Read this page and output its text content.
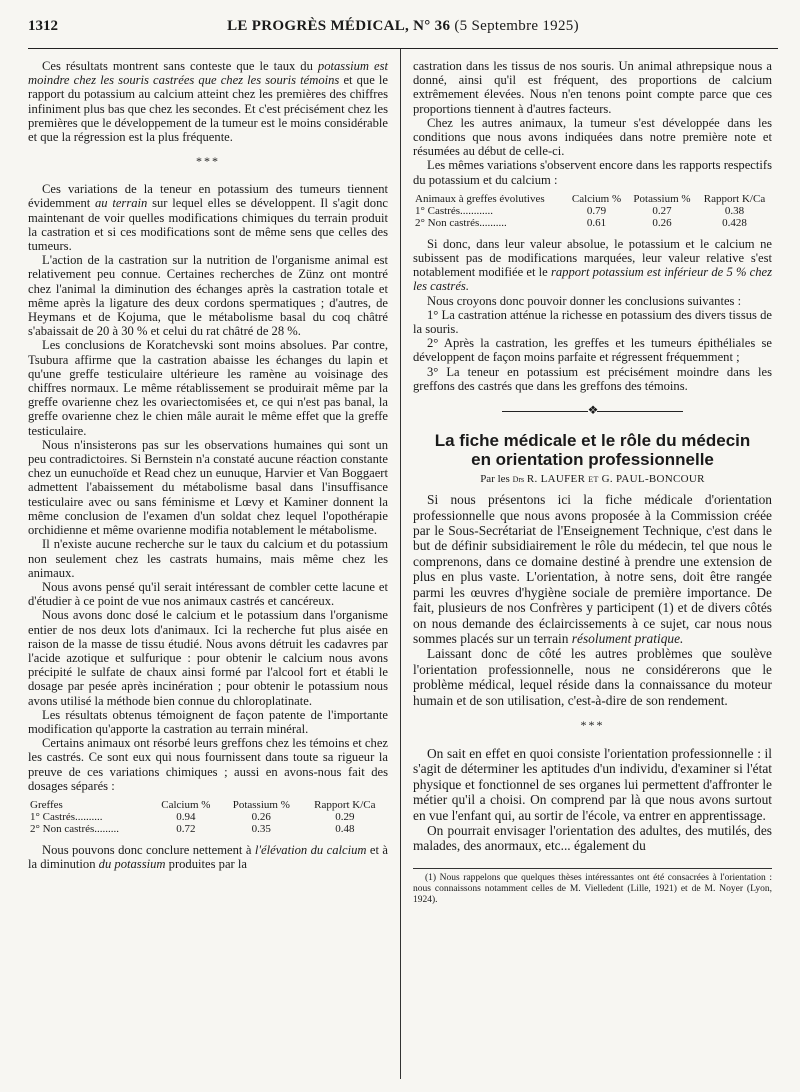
1312	LE PROGRÈS MÉDICAL, N° 36 (5 Septembre 1925)

Ces résultats montrent sans conteste que le taux du potassium est moindre chez les souris castrées que chez les souris témoins et que le rapport du potassium au calcium atteint chez les premières des chiffres infiniment plus bas que chez les secondes. Et c'est précisément chez les premières que le développement de la tumeur est le moins considérable et que la régression est la plus fréquente.

***

Ces variations de la teneur en potassium des tumeurs tiennent évidemment au terrain sur lequel elles se développent. Il s'agit donc maintenant de voir quelles modifications chimiques du terrain produit la castration et si ces modifications sont de même sens que celles des tumeurs.

L'action de la castration sur la nutrition de l'organisme animal est relativement peu connue. Certaines recherches de Zünz ont montré chez l'animal la diminution des échanges après la castration totale et même après la ligature des deux cordons spermatiques ; d'autres, de Heymans et de Kojuma, que le métabolisme basal du coq châtré s'abaissait de 20 à 30 % et celui du rat châtré de 28 %.

Les conclusions de Koratchevski sont moins absolues. Par contre, Tsubura affirme que la castration abaisse les échanges du lapin et qu'une greffe testiculaire ultérieure les ramène au voisinage des chiffres normaux. Le même rétablissement se produirait même par la greffe ovarienne chez les ovariectomisées et, ce qui n'est pas banal, la greffe ovarienne chez le chien mâle aurait le même effet que la greffe testiculaire.

Nous n'insisterons pas sur les observations humaines qui sont un peu contradictoires. Si Bernstein n'a constaté aucune réaction constante chez un eunuchoïde et Read chez un eunuque, Harvier et Van Boggaert admettent l'abaissement du métabolisme basal dans l'insuffisance testiculaire avec ou sans féminisme et Lœvy et Kaminer donnent la même conclusion de l'examen d'un soldat chez lequel l'opothérapie orchidienne et même ovarienne modifia notablement le métabolisme.

Il n'existe aucune recherche sur le taux du calcium et du potassium non seulement chez les castrats humains, mais même chez les animaux.

Nous avons pensé qu'il serait intéressant de combler cette lacune et d'étudier à ce point de vue nos animaux castrés et cancéreux.

Nous avons donc dosé le calcium et le potassium dans l'organisme entier de nos deux lots d'animaux. Ici la recherche fut plus aisée en raison de la masse de tissu étudié. Nous avons détruit les cadavres par l'acide azotique et sulfurique : pour obtenir le calcium nous avons précipité le sulfate de chaux ainsi formé par l'alcool fort et établi le dosage par pesée après incinération ; pour obtenir le potassium nous avons utilisé la méthode bien connue du chloroplatinate.

Les résultats obtenus témoignent de façon patente de l'importante modification qu'apporte la castration au terrain minéral.

Certains animaux ont résorbé leurs greffons chez les témoins et chez les castrés. Ce sont eux qui nous fournissent dans toute sa rigueur la preuve de ces variations chimiques ; aussi en avons-nous fait des dosages séparés :

Greffes	Calcium %	Potassium %	Rapport K/Ca
1° Castrés..........	0.94	0.26	0.29
2° Non castrés.........	0.72	0.35	0.48

Nous pouvons donc conclure nettement à l'élévation du calcium et à la diminution du potassium produites par la

castration dans les tissus de nos souris. Un animal athrepsique nous a donné, ainsi qu'il est fréquent, des proportions de calcium extrêmement élevées. Nous n'en tenons point compte parce que ces proportions tiennent à d'autres facteurs.

Chez les autres animaux, la tumeur s'est développée dans les conditions que nous avons indiquées dans notre première note et résumées au début de celle-ci.

Les mêmes variations s'observent encore dans les rapports respectifs du potassium et du calcium :

Animaux à greffes évolutives	Calcium %	Potassium %	Rapport K/Ca
1° Castrés............	0.79	0.27	0.38
2° Non castrés..........	0.61	0.26	0.428

Si donc, dans leur valeur absolue, le potassium et le calcium ne subissent pas de modifications marquées, leur valeur relative s'est notablement modifiée et le rapport potassium est inférieur de 5 % chez les castrés.

Nous croyons donc pouvoir donner les conclusions suivantes :

1° La castration atténue la richesse en potassium des divers tissus de la souris.

2° Après la castration, les greffes et les tumeurs épithéliales se développent de façon moins parfaite et régressent fréquemment ;

3° La teneur en potassium est précisément moindre dans les greffons des castrés que dans les greffons des témoins.

❖
La fiche médicale et le rôle du médecin
en orientation professionnelle
Par les $^{Drs}$ R. LAUFER et G. PAUL-BONCOUR

Si nous présentons ici la fiche médicale d'orientation professionnelle que nous avons proposée à la Commission créée par le Sous-Secrétariat de l'Enseignement Technique, c'est dans le but de définir subsidiairement le rôle du médecin, tel que nous le comprenons, dans ce domaine destiné à prendre une extension de plus en plus vaste. L'orientation, à notre sens, doit être rangée parmi les œuvres d'hygiène sociale de première importance. De fait, plusieurs de nos Confrères y participent (1) et de divers côtés on nous demande des éclaircissements à ce sujet, car nous nous sommes placés sur un terrain résolument pratique.

Laissant donc de côté les autres problèmes que soulève l'orientation professionnelle, nous ne considérerons que le problème médical, lequel réside dans la connaissance du moteur humain et de son utilisation, c'est-à-dire de son rendement.

***

On sait en effet en quoi consiste l'orientation professionnelle : il s'agit de déterminer les aptitudes d'un individu, d'examiner si l'état physique et fonctionnel de ses organes lui permettent d'affronter le métier qu'il a choisi. On comprend par là que nous avons surtout en vue l'enfant qui, au sortir de l'école, va entrer en apprentissage.

On pourrait envisager l'orientation des adultes, des mutilés, des malades, des anormaux, etc... également du

(1) Nous rappelons que quelques thèses intéressantes ont été consacrées à l'orientation : nous connaissons notamment celles de M. Vielledent (Lille, 1921) et de M. Noyer (Lyon, 1924).
